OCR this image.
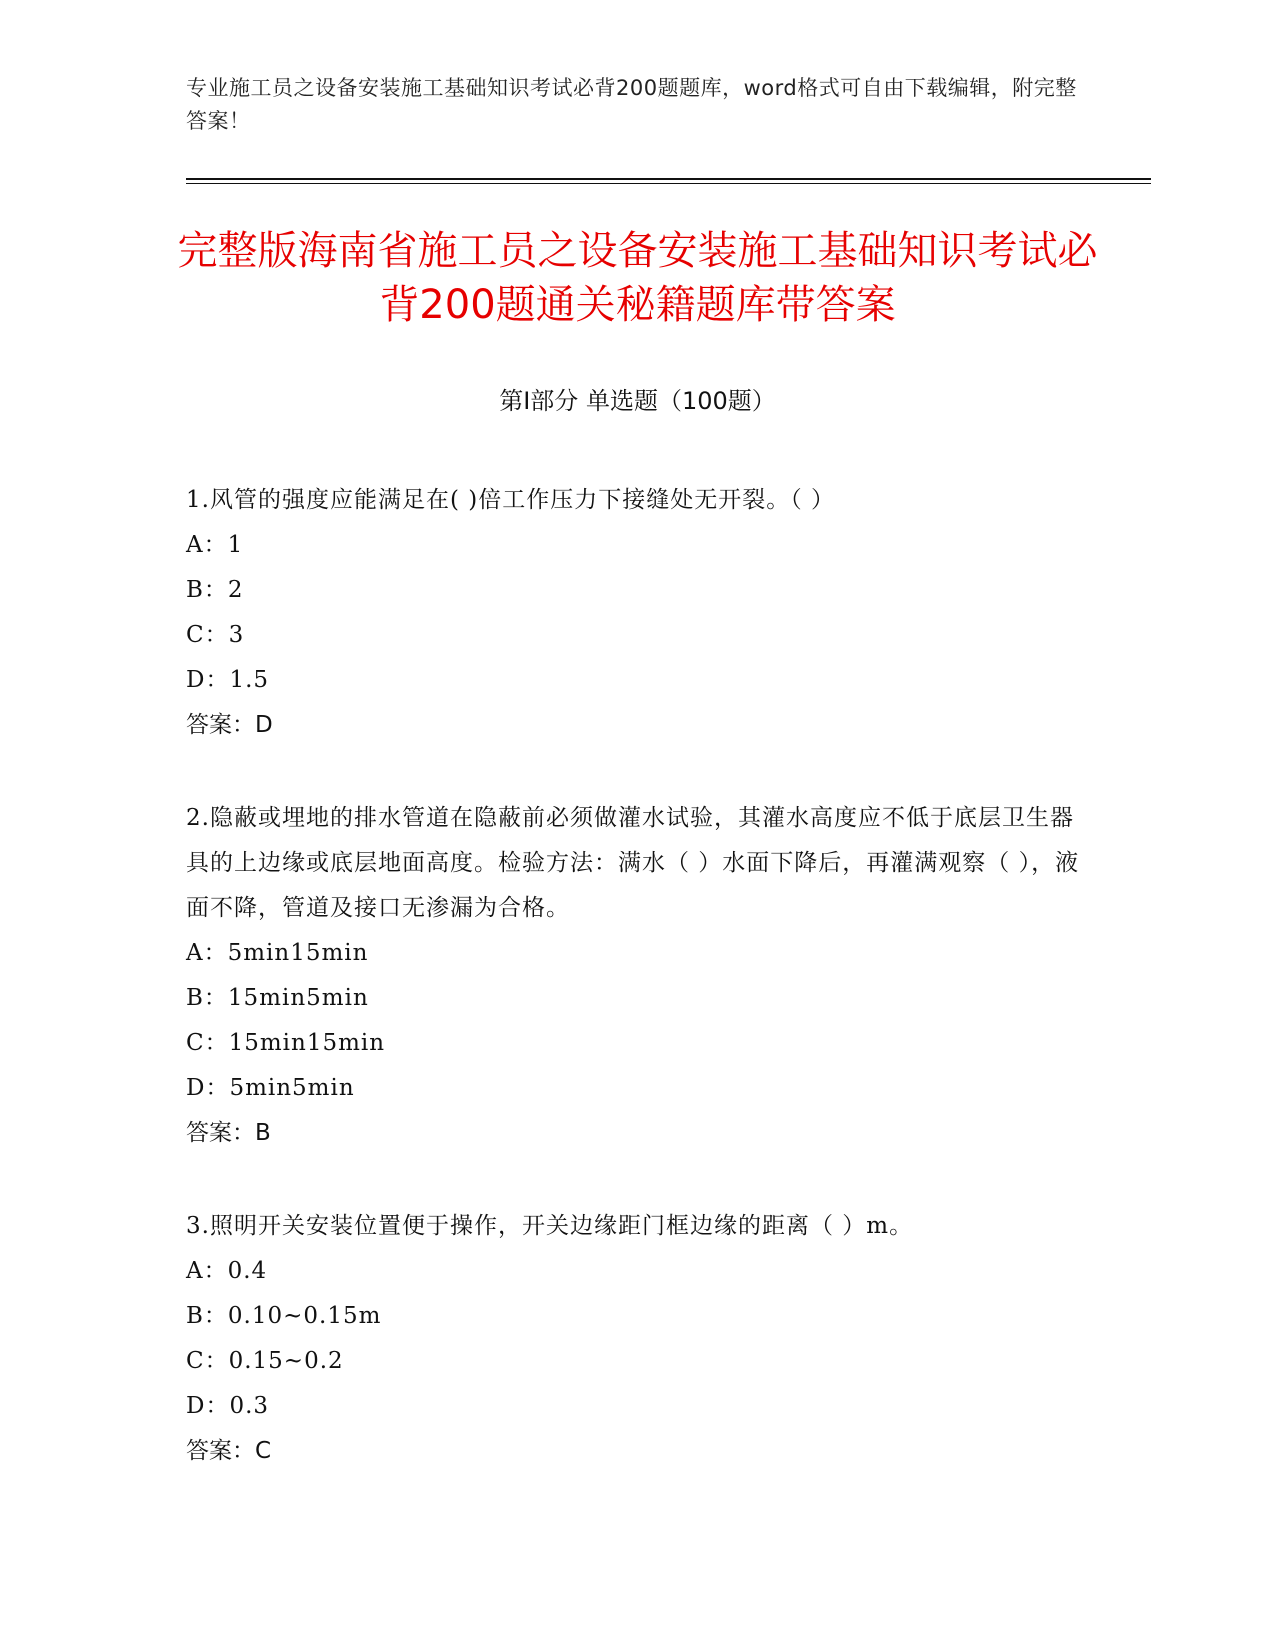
专业施工员之设备安装施工基础知识考试必背200题题库，word格式可自由下载编辑，附完整答案！
完整版海南省施工员之设备安装施工基础知识考试必背200题通关秘籍题库带答案
第I部分 单选题（100题）
1.风管的强度应能满足在( )倍工作压力下接缝处无开裂。（ ）
A：1
B：2
C：3
D：1.5
答案：D
2.隐蔽或埋地的排水管道在隐蔽前必须做灌水试验，其灌水高度应不低于底层卫生器具的上边缘或底层地面高度。检验方法：满水（ ）水面下降后，再灌满观察（ ），液面不降，管道及接口无渗漏为合格。
A：5min15min
B：15min5min
C：15min15min
D：5min5min
答案：B
3.照明开关安装位置便于操作，开关边缘距门框边缘的距离（ ）m。
A：0.4
B：0.10~0.15m
C：0.15~0.2
D：0.3
答案：C
